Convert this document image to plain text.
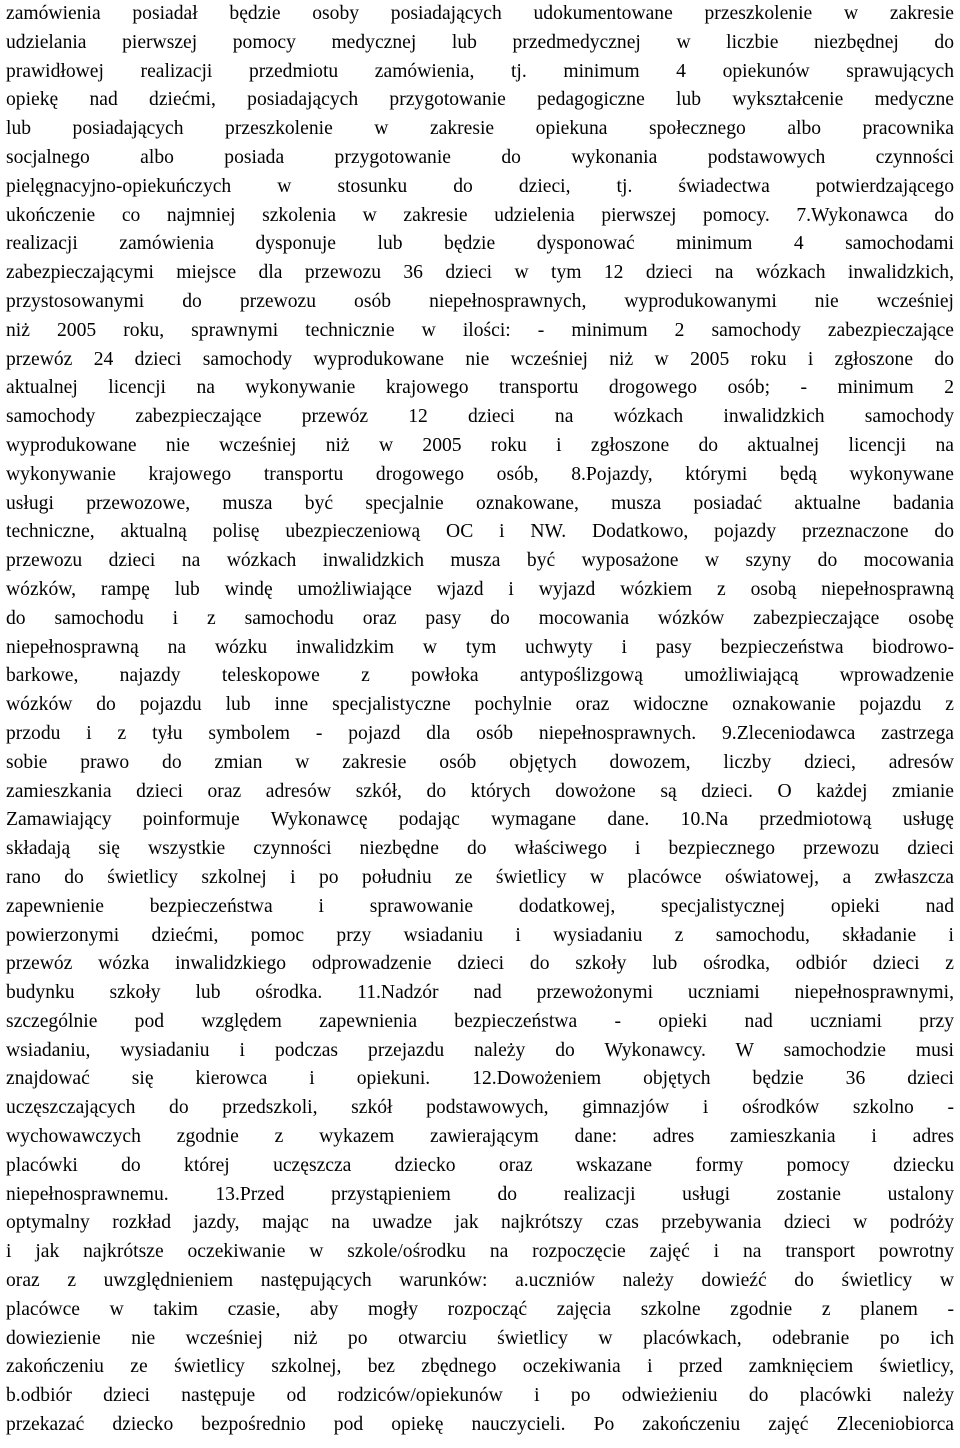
zamówienia posiadał będzie osoby posiadających udokumentowane przeszkolenie w zakresie
udzielania pierwszej pomocy medycznej lub przedmedycznej w liczbie niezbędnej do
prawidłowej realizacji przedmiotu zamówienia, tj. minimum 4 opiekunów sprawujących
opiekę nad dziećmi, posiadających przygotowanie pedagogiczne lub wykształcenie medyczne
lub posiadających przeszkolenie w zakresie opiekuna społecznego albo pracownika
socjalnego albo posiada przygotowanie do wykonania podstawowych czynności
pielęgnacyjno-opiekuńczych w stosunku do dzieci, tj. świadectwa potwierdzającego
ukończenie co najmniej szkolenia w zakresie udzielenia pierwszej pomocy. 7.Wykonawca do
realizacji zamówienia dysponuje lub będzie dysponować minimum 4 samochodami
zabezpieczającymi miejsce dla przewozu 36 dzieci w tym 12 dzieci na wózkach inwalidzkich,
przystosowanymi do przewozu osób niepełnosprawnych, wyprodukowanymi nie wcześniej
niż 2005 roku, sprawnymi technicznie w ilości: - minimum 2 samochody zabezpieczające
przewóz 24 dzieci samochody wyprodukowane nie wcześniej niż w 2005 roku i zgłoszone do
aktualnej licencji na wykonywanie krajowego transportu drogowego osób; - minimum 2
samochody zabezpieczające przewóz 12 dzieci na wózkach inwalidzkich samochody
wyprodukowane nie wcześniej niż w 2005 roku i zgłoszone do aktualnej licencji na
wykonywanie krajowego transportu drogowego osób, 8.Pojazdy, którymi będą wykonywane
usługi przewozowe, musza być specjalnie oznakowane, musza posiadać aktualne badania
techniczne, aktualną polisę ubezpieczeniową OC i NW. Dodatkowo, pojazdy przeznaczone do
przewozu dzieci na wózkach inwalidzkich musza być wyposażone w szyny do mocowania
wózków, rampę lub windę umożliwiające wjazd i wyjazd wózkiem z osobą niepełnosprawną
do samochodu i z samochodu oraz pasy do mocowania wózków zabezpieczające osobę
niepełnosprawną na wózku inwalidzkim w tym uchwyty i pasy bezpieczeństwa biodrowo-
barkowe, najazdy teleskopowe z powłoka antypoślizgową umożliwiającą wprowadzenie
wózków do pojazdu lub inne specjalistyczne pochylnie oraz widoczne oznakowanie pojazdu z
przodu i z tyłu symbolem - pojazd dla osób niepełnosprawnych. 9.Zleceniodawca zastrzega
sobie prawo do zmian w zakresie osób objętych dowozem, liczby dzieci, adresów
zamieszkania dzieci oraz adresów szkół, do których dowożone są dzieci. O każdej zmianie
Zamawiający poinformuje Wykonawcę podając wymagane dane. 10.Na przedmiotową usługę
składają się wszystkie czynności niezbędne do właściwego i bezpiecznego przewozu dzieci
rano do świetlicy szkolnej i po południu ze świetlicy w placówce oświatowej, a zwłaszcza
zapewnienie bezpieczeństwa i sprawowanie dodatkowej, specjalistycznej opieki nad
powierzonymi dziećmi, pomoc przy wsiadaniu i wysiadaniu z samochodu, składanie i
przewóz wózka inwalidzkiego odprowadzenie dzieci do szkoły lub ośrodka, odbiór dzieci z
budynku szkoły lub ośrodka. 11.Nadzór nad przewożonymi uczniami niepełnosprawnymi,
szczególnie pod względem zapewnienia bezpieczeństwa - opieki nad uczniami przy
wsiadaniu, wysiadaniu i podczas przejazdu należy do Wykonawcy. W samochodzie musi
znajdować się kierowca i opiekuni. 12.Dowożeniem objętych będzie 36 dzieci
uczęszczających do przedszkoli, szkół podstawowych, gimnazjów i ośrodków szkolno -
wychowawczych zgodnie z wykazem zawierającym dane: adres zamieszkania i adres
placówki do której uczęszcza dziecko oraz wskazane formy pomocy dziecku
niepełnosprawnemu. 13.Przed przystąpieniem do realizacji usługi zostanie ustalony
optymalny rozkład jazdy, mając na uwadze jak najkrótszy czas przebywania dzieci w podróży
i jak najkrótsze oczekiwanie w szkole/ośrodku na rozpoczęcie zajęć i na transport powrotny
oraz z uwzględnieniem następujących warunków: a.uczniów należy dowieźć do świetlicy w
placówce w takim czasie, aby mogły rozpocząć zajęcia szkolne zgodnie z planem -
dowiezienie nie wcześniej niż po otwarciu świetlicy w placówkach, odebranie po ich
zakończeniu ze świetlicy szkolnej, bez zbędnego oczekiwania i przed zamknięciem świetlicy,
b.odbiór dzieci następuje od rodziców/opiekunów i po odwieżieniu do placówki należy
przekazać dziecko bezpośrednio pod opiekę nauczycieli. Po zakończeniu zajęć Zleceniobiorca
